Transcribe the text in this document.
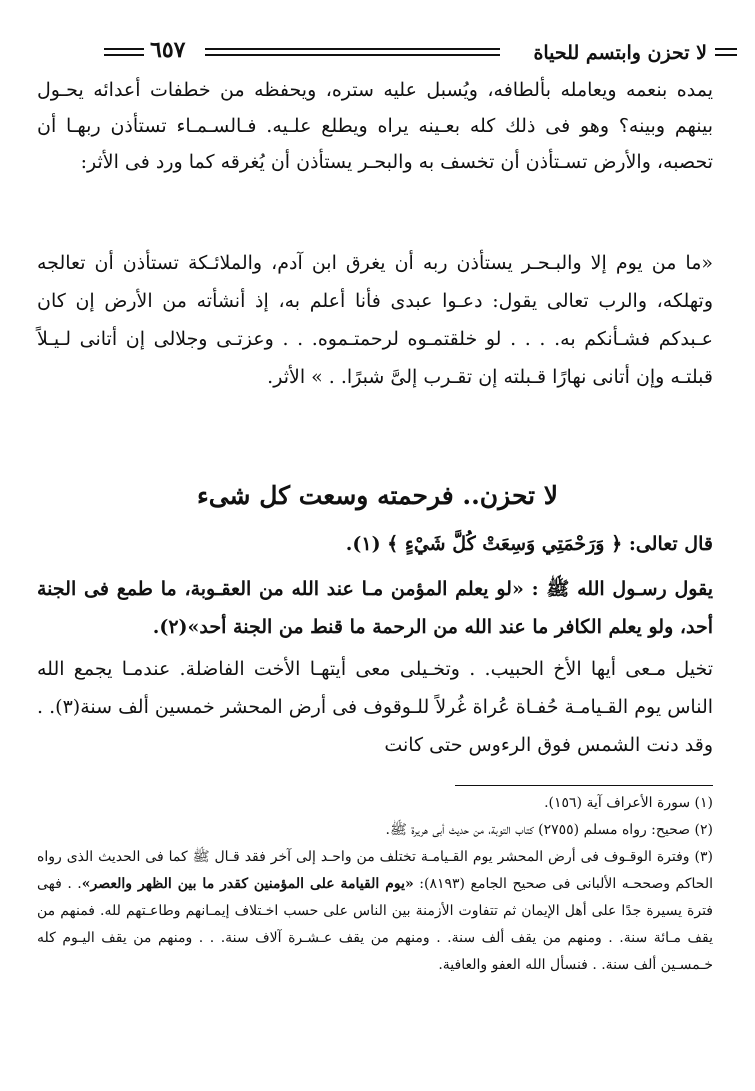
لا تحزن وابتسم للحياة
٦٥٧

يمده بنعمه ويعامله بألطافه، ويُسبل عليه ستره، ويحفظه من خطفات أعدائه يحـول بينهم وبينه؟ وهو فى ذلك كله بعـينه يراه ويطلع علـيه. فـالسـمـاء تستأذن ربهـا أن تحصبه، والأرض تسـتأذن أن تخسف به والبحـر يستأذن أن يُغرقه كما ورد فى الأثر:

«ما من يوم إلا والبـحـر يستأذن ربه أن يغرق ابن آدم، والملائـكة تستأذن أن تعالجه وتهلكه، والرب تعالى يقول: دعـوا عبدى فأنا أعلم به، إذ أنشأته من الأرض إن كان عـبدكم فشـأنكم به. . . . لو خلقتمـوه لرحمتـموه. . . وعزتـى وجلالى إن أتانى لـيـلاً قبلتـه وإن أتانى نهارًا قـبلته إن تقـرب إلىَّ شبرًا. . » الأثر.

لا تحزن.. فرحمته وسعت كل شىء

قال تعالى: ﴿ وَرَحْمَتِي وَسِعَتْ كُلَّ شَيْءٍ ﴾ (١).

يقول رسـول الله ﷺ : «لو يعلم المؤمن مـا عند الله من العقـوبة، ما طمع فى الجنة أحد، ولو يعلم الكافر ما عند الله من الرحمة ما قنط من الجنة أحد»(٢).

تخيل مـعى أيها الأخ الحبيب. . وتخـيلى معى أيتهـا الأخت الفاضلة. عندمـا يجمع الله الناس يوم القـيامـة حُفـاة عُراة غُرلاً للـوقوف فى أرض المحشر خمسين ألف سنة(٣). . وقد دنت الشمس فوق الرءوس حتى كانت

(١) سورة الأعراف آية (١٥٦).

(٢) صحيح: رواه مسلم (٢٧٥٥) كتاب التوبة، من حديث أبى هريرة ﷺ.

(٣) وفترة الوقـوف فى أرض المحشر يوم القـيامـة تختلف من واحـد إلى آخر فقد قـال ﷺ كما فى الحديث الذى رواه الحاكم وصححـه الألبانى فى صحيح الجامع (٨١٩٣): «يوم القيامة على المؤمنين كقدر ما بين الظهر والعصر». . فهى فترة يسيرة جدًا على أهل الإيمان ثم تتفاوت الأزمنة بين الناس على حسب اخـتلاف إيمـانهم وطاعـتهم لله. فمنهم من يقف مـائة سنة. . ومنهم من يقف ألف سنة. . ومنهم من يقف عـشـرة آلاف سنة. . . ومنهم من يقف اليـوم كله خـمسـين ألف سنة. . فنسأل الله العفو والعافية.
